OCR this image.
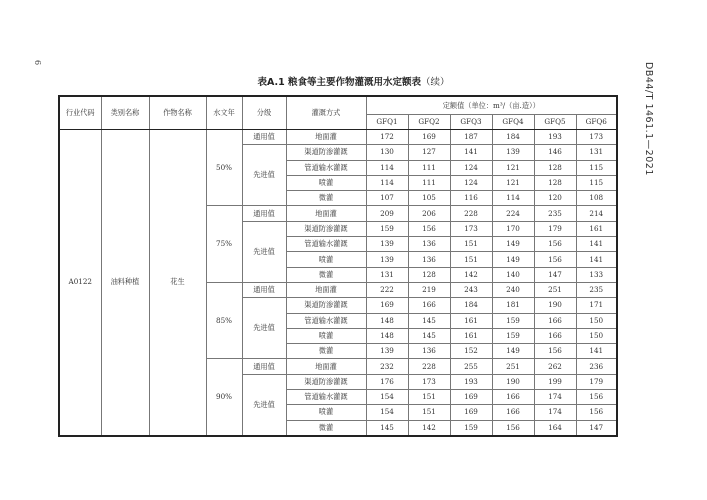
6	DB44/T 1461.1—2021
表A.1 粮食等主要作物灌溉用水定额表（续）
行业代码	类别名称	作物名称	水文年	分级	灌溉方式	定额值（单位：m³/（亩.造））					
						GFQ1	GFQ2	GFQ3	GFQ4	GFQ5	GFQ6
A0122	油料种植	花生	50%	通用值	地面灌	172	169	187	184	193	173
				先进值	渠道防渗灌溉	130	127	141	139	146	131
					管道输水灌溉	114	111	124	121	128	115
					喷灌	114	111	124	121	128	115
					微灌	107	105	116	114	120	108
			75%	通用值	地面灌	209	206	228	224	235	214
				先进值	渠道防渗灌溉	159	156	173	170	179	161
					管道输水灌溉	139	136	151	149	156	141
					喷灌	139	136	151	149	156	141
					微灌	131	128	142	140	147	133
			85%	通用值	地面灌	222	219	243	240	251	235
				先进值	渠道防渗灌溉	169	166	184	181	190	171
					管道输水灌溉	148	145	161	159	166	150
					喷灌	148	145	161	159	166	150
					微灌	139	136	152	149	156	141
			90%	通用值	地面灌	232	228	255	251	262	236
				先进值	渠道防渗灌溉	176	173	193	190	199	179
					管道输水灌溉	154	151	169	166	174	156
					喷灌	154	151	169	166	174	156
					微灌	145	142	159	156	164	147
